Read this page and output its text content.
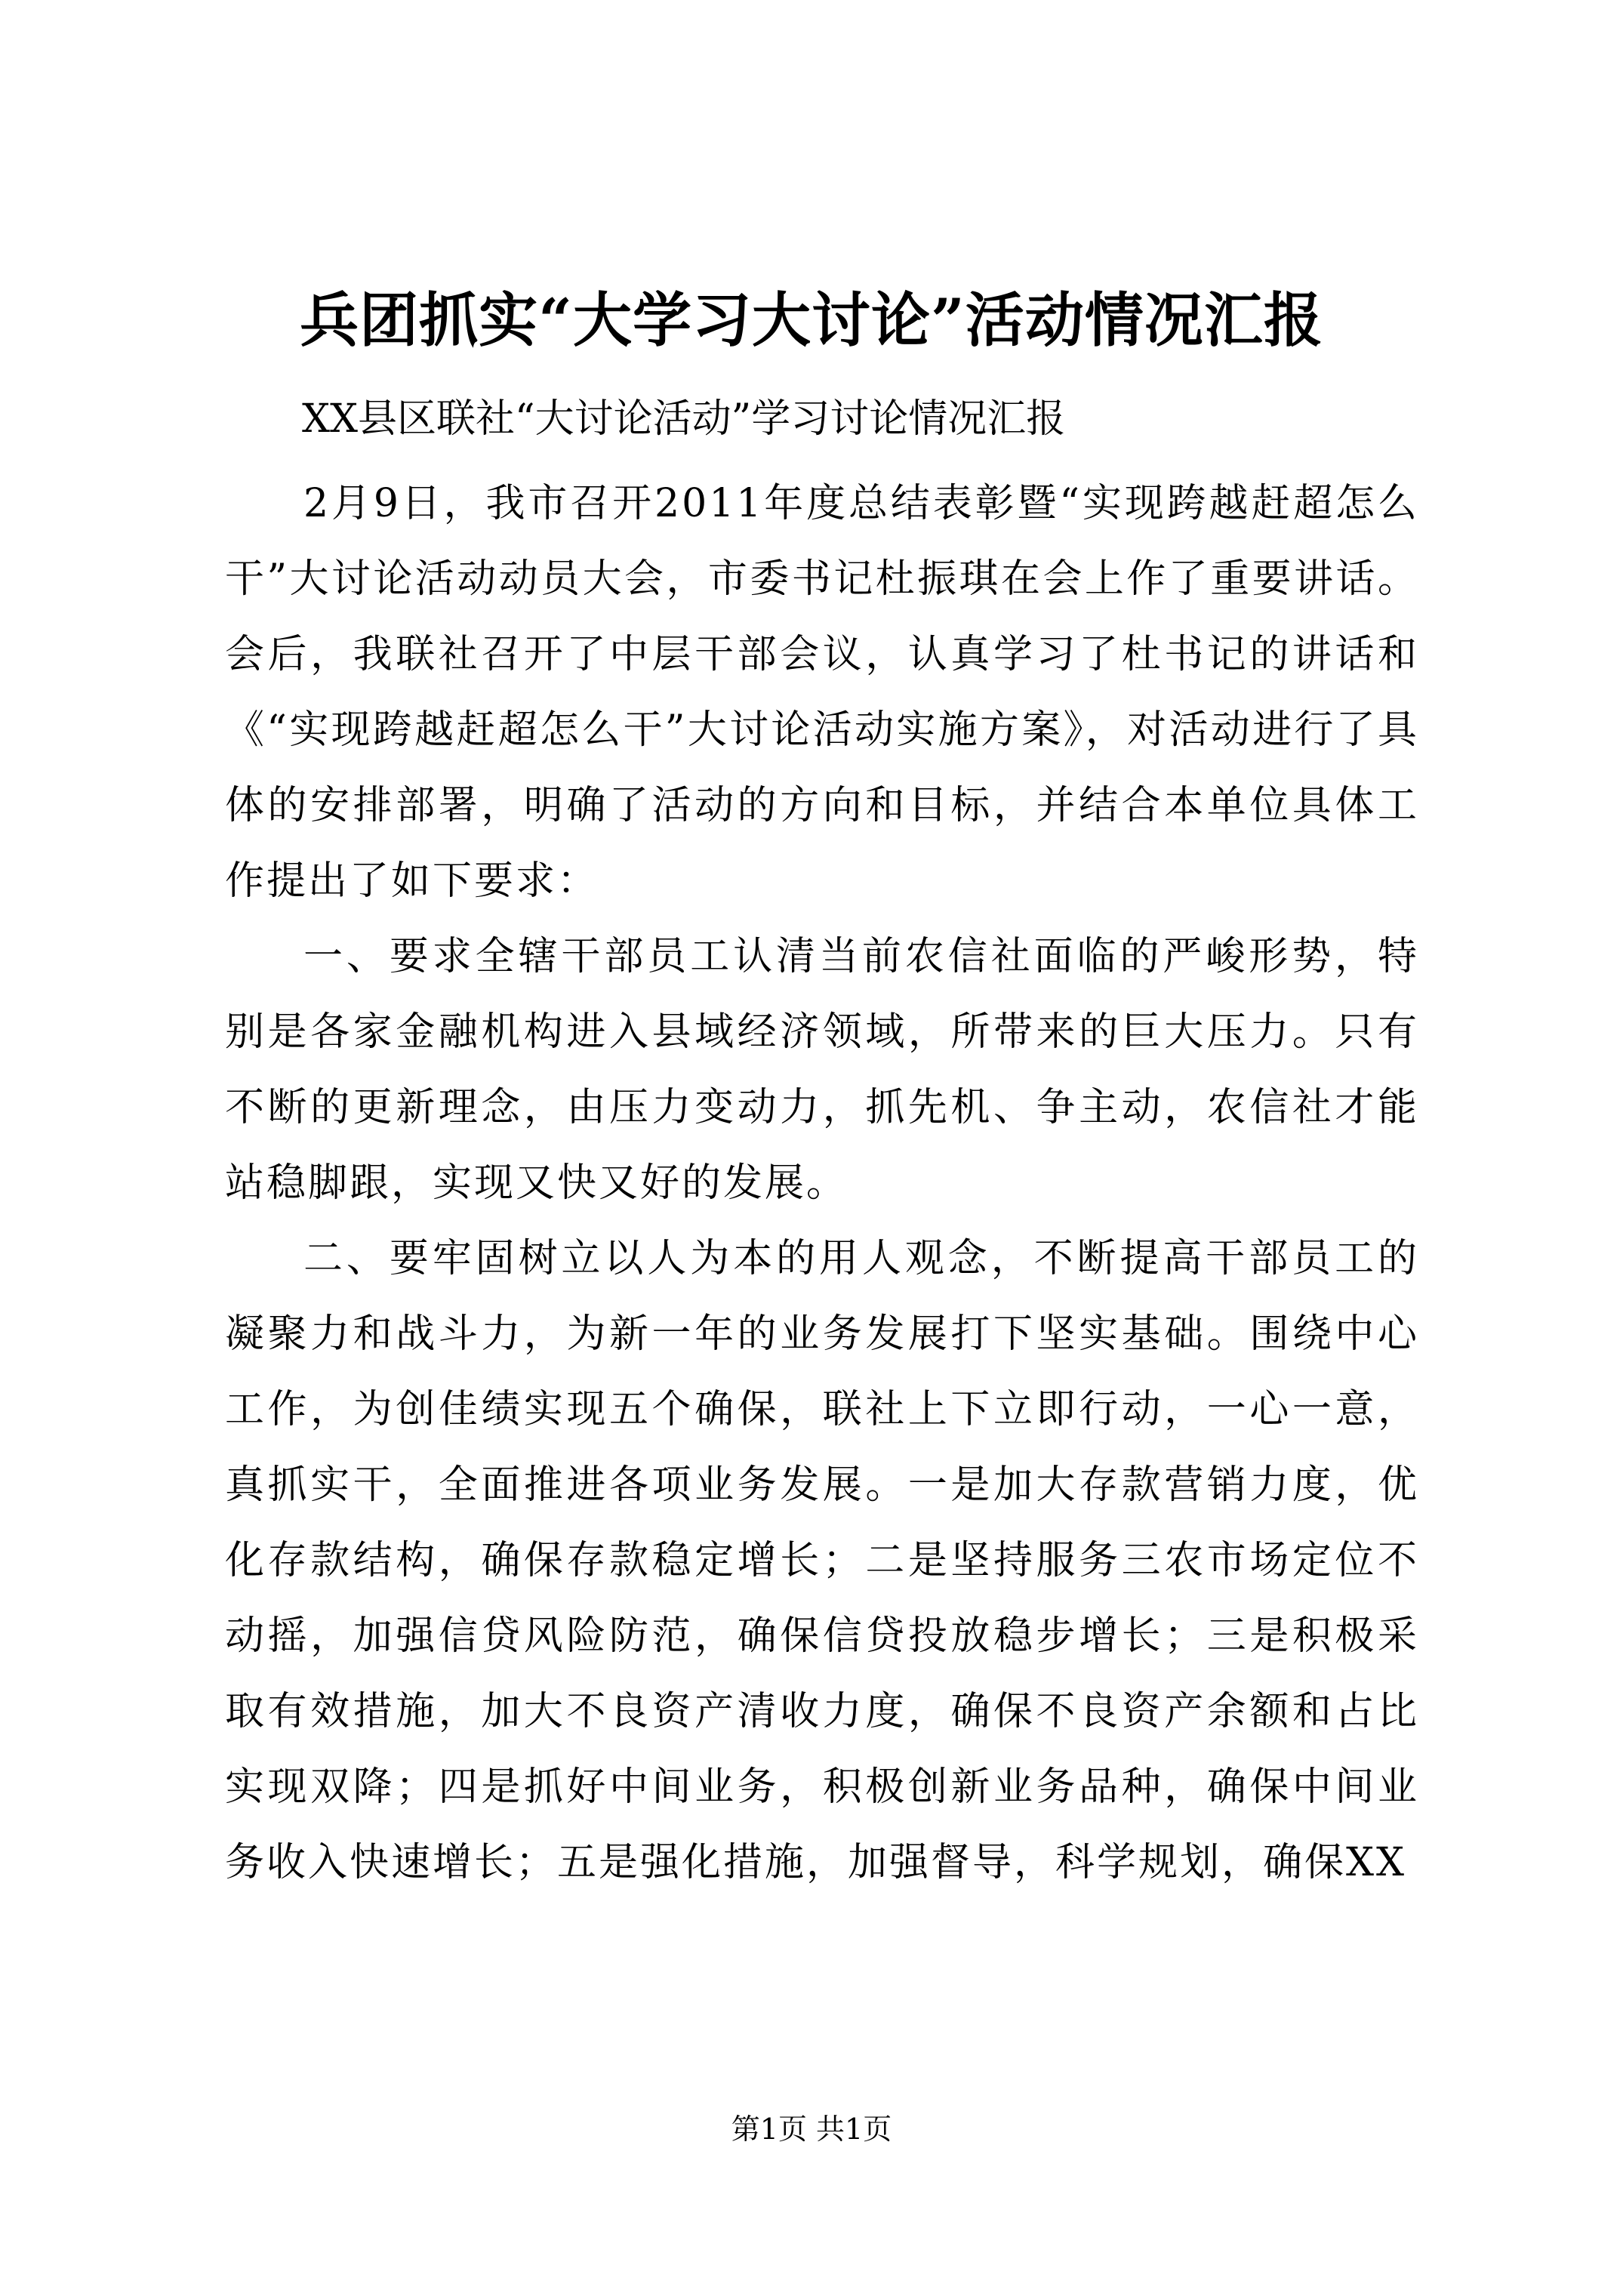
兵团抓实“大学习大讨论”活动情况汇报
XX县区联社“大讨论活动”学习讨论情况汇报

2月9日，我市召开2011年度总结表彰暨“实现跨越赶超怎么干”大讨论活动动员大会，市委书记杜振琪在会上作了重要讲话。会后，我联社召开了中层干部会议，认真学习了杜书记的讲话和《“实现跨越赶超怎么干”大讨论活动实施方案》，对活动进行了具体的安排部署，明确了活动的方向和目标，并结合本单位具体工作提出了如下要求：

一、要求全辖干部员工认清当前农信社面临的严峻形势，特别是各家金融机构进入县域经济领域，所带来的巨大压力。只有不断的更新理念，由压力变动力，抓先机、争主动，农信社才能站稳脚跟，实现又快又好的发展。

二、要牢固树立以人为本的用人观念，不断提高干部员工的凝聚力和战斗力，为新一年的业务发展打下坚实基础。围绕中心工作，为创佳绩实现五个确保，联社上下立即行动，一心一意，真抓实干，全面推进各项业务发展。一是加大存款营销力度，优化存款结构，确保存款稳定增长；二是坚持服务三农市场定位不动摇，加强信贷风险防范，确保信贷投放稳步增长；三是积极采取有效措施，加大不良资产清收力度，确保不良资产余额和占比实现双降；四是抓好中间业务，积极创新业务品种，确保中间业务收入快速增长；五是强化措施，加强督导，科学规划，确保XX

第1页 共1页
